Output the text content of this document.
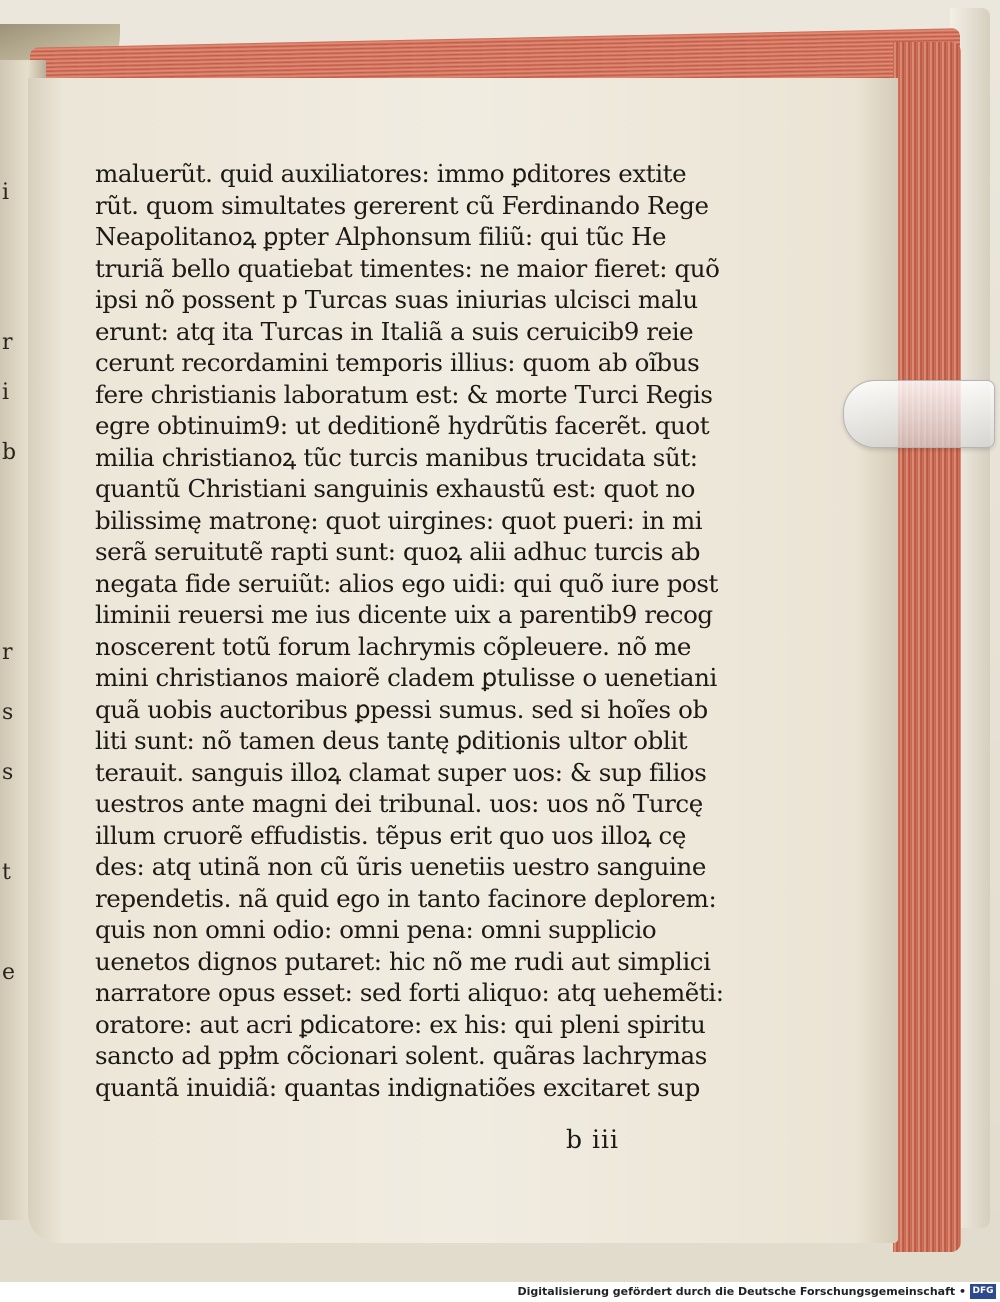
i
r
i
b
r
s
s
t
e
maluerũt. quid auxiliatores: immo ꝑditores extite
rũt. quom simultates gererent cũ Ferdinando Rege
Neapolitanoꝝ ꝑpter Alphonsum filiũ: qui tũc He
truriã bello quatiebat timentes: ne maior fieret: quõ
ipsi nõ possent p Turcas suas iniurias ulcisci malu
erunt: atq ita Turcas in Italiã a suis ceruicib9 reie
cerunt recordamini temporis illius: quom ab oĩbus
fere christianis laboratum est: & morte Turci Regis
egre obtinuim9: ut deditionẽ hydrũtis facerẽt. quot
milia christianoꝝ tũc turcis manibus trucidata sũt:
quantũ Christiani sanguinis exhaustũ est: quot no
bilissimę matronę: quot uirgines: quot pueri: in mi
serã seruitutẽ rapti sunt: quoꝝ alii adhuc turcis ab
negata fide seruiũt: alios ego uidi: qui quõ iure post
liminii reuersi me ius dicente uix a parentib9 recog
noscerent totũ forum lachrymis cõpleuere. nõ me
mini christianos maiorẽ cladem ꝑtulisse o uenetiani
quã uobis auctoribus ꝑpessi sumus. sed si hoĩes ob
liti sunt: nõ tamen deus tantę ꝑditionis ultor oblit
terauit. sanguis illoꝝ clamat super uos: & sup filios
uestros ante magni dei tribunal. uos: uos nõ Turcę
illum cruorẽ effudistis. tẽpus erit quo uos illoꝝ cę
des: atq utinã non cũ ũris uenetiis uestro sanguine
rependetis. nã quid ego in tanto facinore deplorem:
quis non omni odio: omni pena: omni supplicio
uenetos dignos putaret: hic nõ me rudi aut simplici
narratore opus esset: sed forti aliquo: atq uehemẽti:
oratore: aut acri ꝑdicatore: ex his: qui pleni spiritu
sancto ad ppłm cõcionari solent. quãras lachrymas
quantã inuidiã: quantas indignatiões excitaret sup
b iii
Digitalisierung gefördert durch die Deutsche Forschungsgemeinschaft • DFG
